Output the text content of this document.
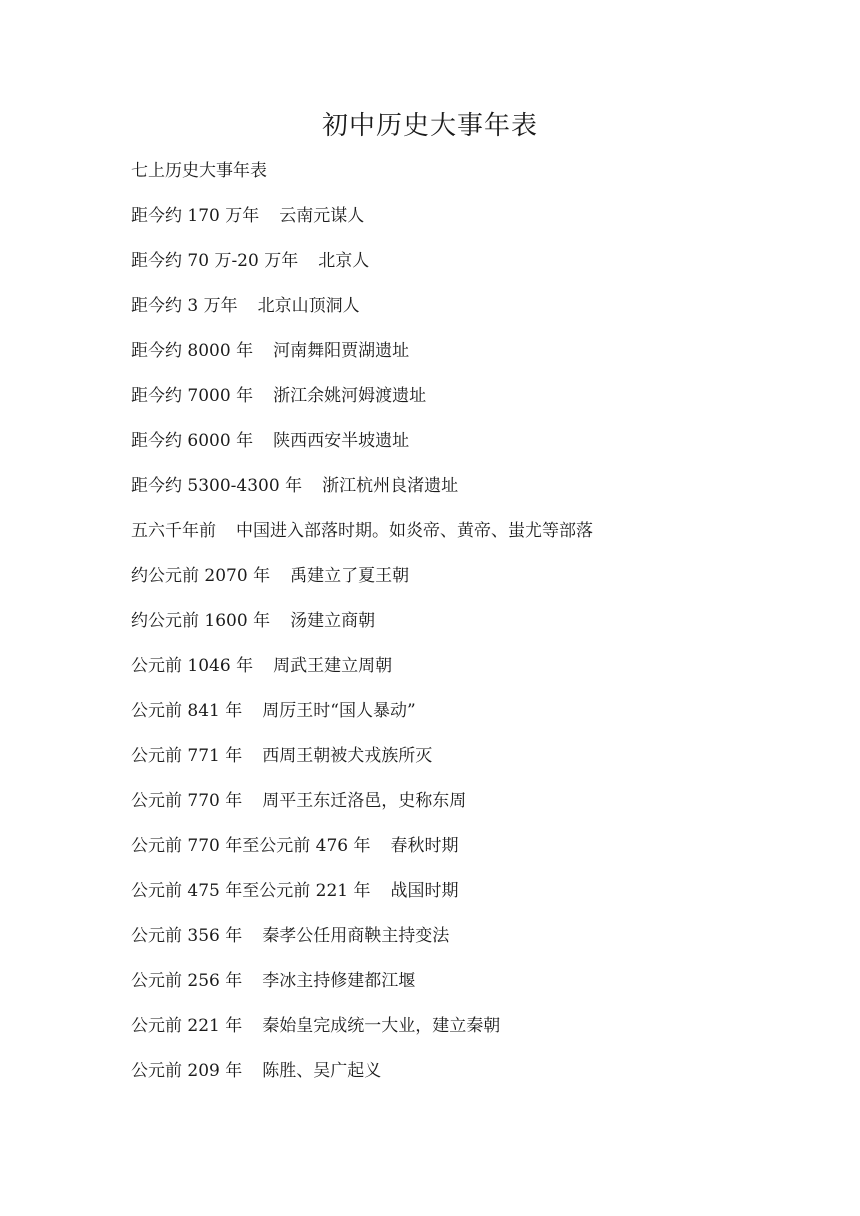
初中历史大事年表
七上历史大事年表
距今约 170 万年 云南元谋人
距今约 70 万-20 万年 北京人
距今约 3 万年 北京山顶洞人
距今约 8000 年 河南舞阳贾湖遗址
距今约 7000 年 浙江余姚河姆渡遗址
距今约 6000 年 陕西西安半坡遗址
距今约 5300-4300 年 浙江杭州良渚遗址
五六千年前 中国进入部落时期。如炎帝、黄帝、蚩尤等部落
约公元前 2070 年 禹建立了夏王朝
约公元前 1600 年 汤建立商朝
公元前 1046 年 周武王建立周朝
公元前 841 年 周厉王时“国人暴动”
公元前 771 年 西周王朝被犬戎族所灭
公元前 770 年 周平王东迁洛邑，史称东周
公元前 770 年至公元前 476 年 春秋时期
公元前 475 年至公元前 221 年 战国时期
公元前 356 年 秦孝公任用商鞅主持变法
公元前 256 年 李冰主持修建都江堰
公元前 221 年 秦始皇完成统一大业，建立秦朝
公元前 209 年 陈胜、吴广起义
